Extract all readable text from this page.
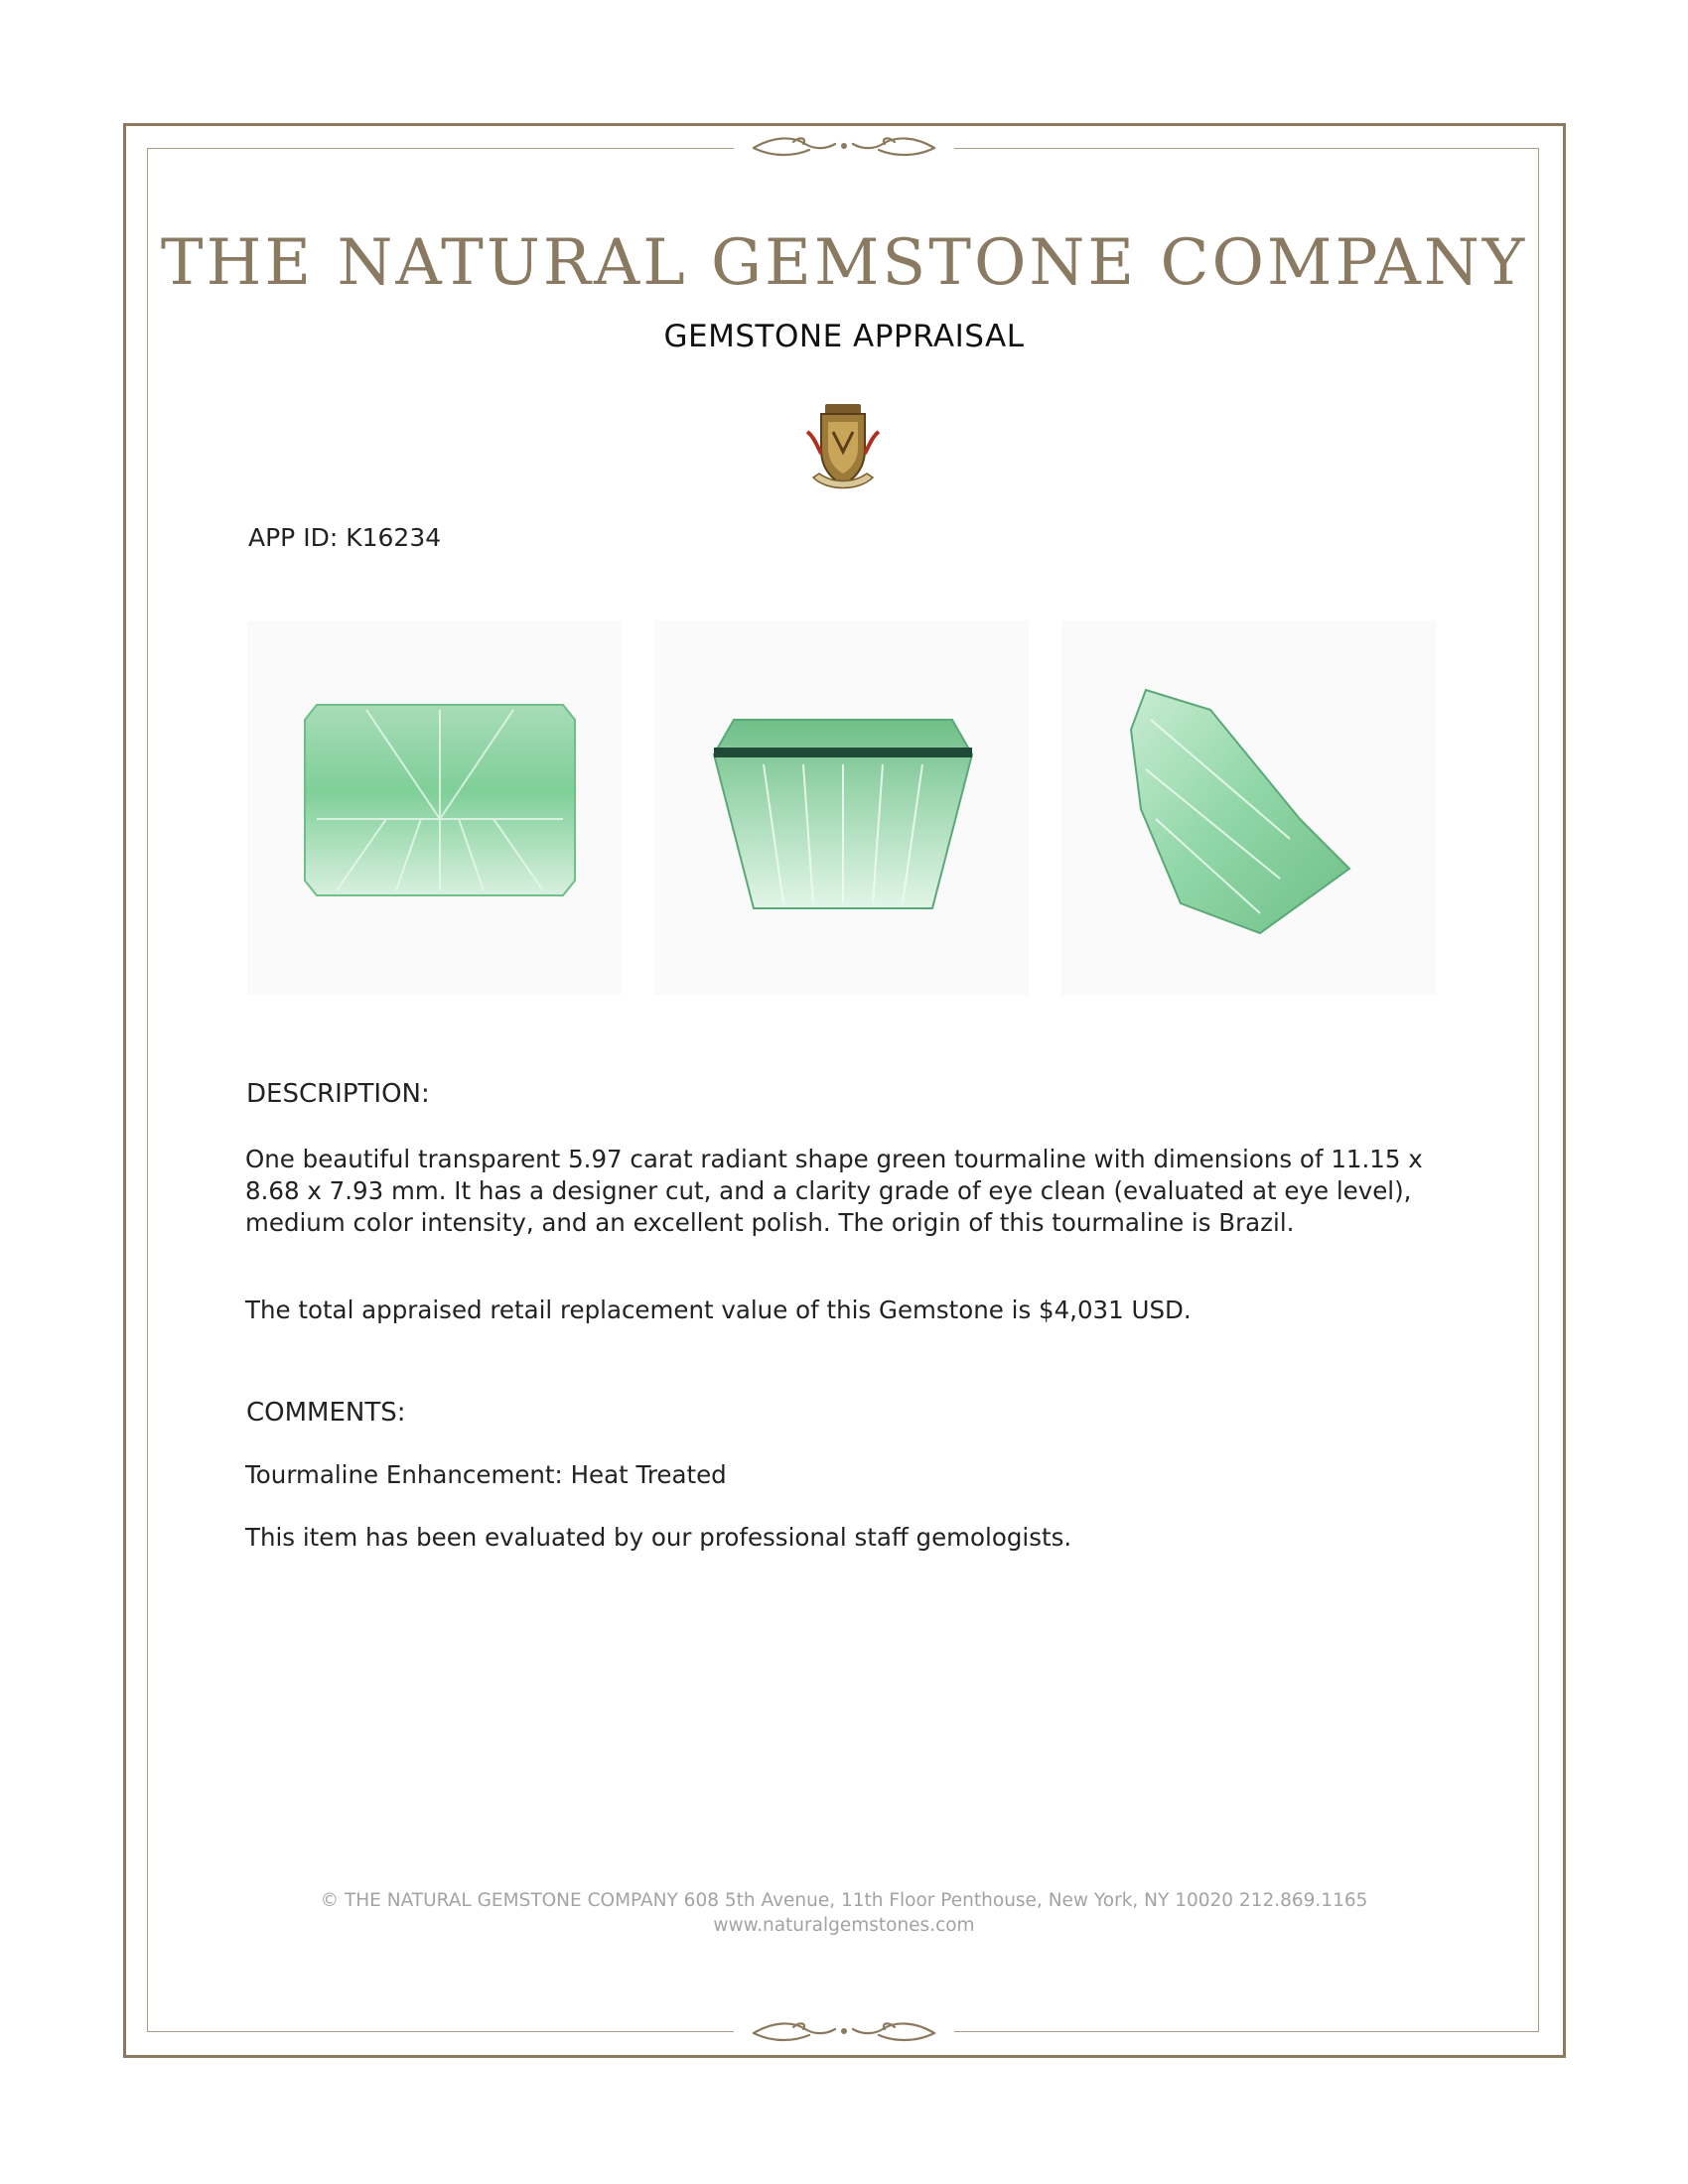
THE NATURAL GEMSTONE COMPANY
GEMSTONE APPRAISAL
APP ID: K16234
DESCRIPTION:
One beautiful transparent 5.97 carat radiant shape green tourmaline with dimensions of 11.15 x
8.68 x 7.93 mm. It has a designer cut, and a clarity grade of eye clean (evaluated at eye level),
medium color intensity, and an excellent polish. The origin of this tourmaline is Brazil.
The total appraised retail replacement value of this Gemstone is $4,031 USD.
COMMENTS:
Tourmaline Enhancement: Heat Treated
This item has been evaluated by our professional staff gemologists.
© THE NATURAL GEMSTONE COMPANY 608 5th Avenue, 11th Floor Penthouse, New York, NY 10020 212.869.1165
www.naturalgemstones.com
